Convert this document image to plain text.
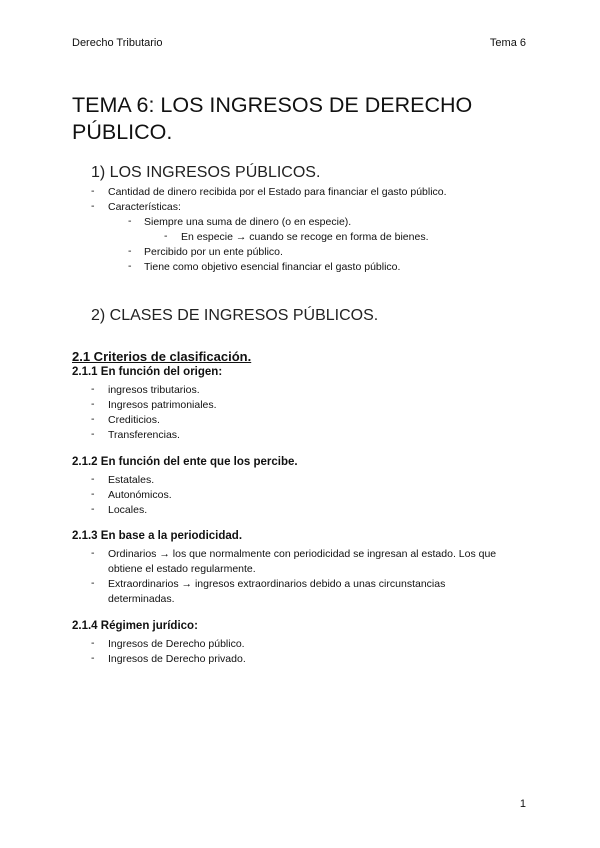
Derecho Tributario	Tema 6
TEMA 6: LOS INGRESOS DE DERECHO PÚBLICO.
1) LOS INGRESOS PÚBLICOS.
- Cantidad de dinero recibida por el Estado para financiar el gasto público.
- Características:
- Siempre una suma de dinero (o en especie).
- En especie → cuando se recoge en forma de bienes.
- Percibido por un ente público.
- Tiene como objetivo esencial financiar el gasto público.
2) CLASES DE INGRESOS PÚBLICOS.
2.1 Criterios de clasificación.
2.1.1 En función del origen:
- ingresos tributarios.
- Ingresos patrimoniales.
- Crediticios.
- Transferencias.
2.1.2 En función del ente que los percibe.
- Estatales.
- Autonómicos.
- Locales.
2.1.3 En base a la periodicidad.
- Ordinarios → los que normalmente con periodicidad se ingresan al estado. Los que
obtiene el estado regularmente.
- Extraordinarios → ingresos extraordinarios debido a unas circunstancias
determinadas.
2.1.4 Régimen jurídico:
- Ingresos de Derecho público.
- Ingresos de Derecho privado.
1
